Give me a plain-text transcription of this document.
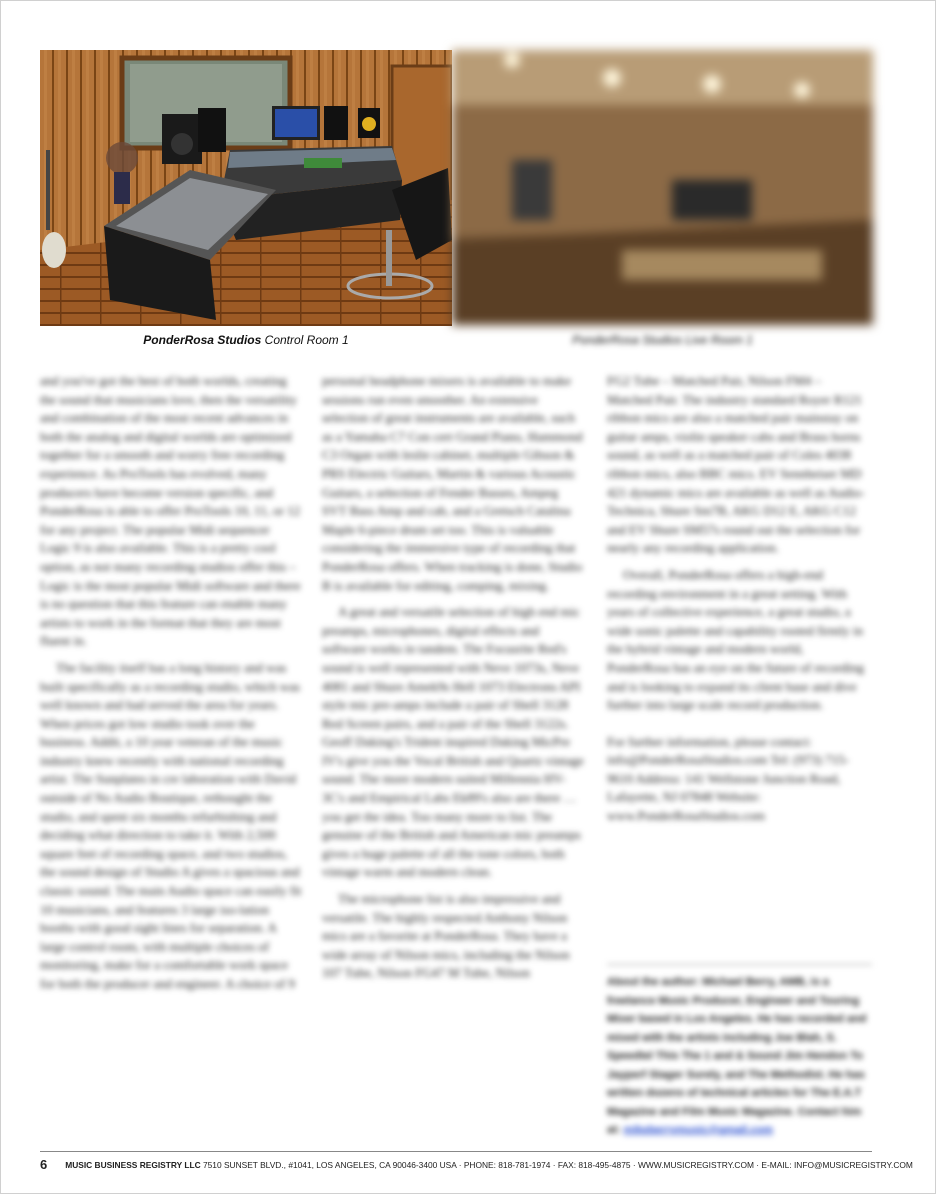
PonderRosa Studios Control Room 1	PonderRosa Studios Live Room 1

and you've got the best of both worlds, creating the sound that musicians love, then the versatility and combination of the most recent advances in both the analog and digital worlds are optimized together for a smooth and worry free recording experience. As ProTools has evolved, many producers have become version specific, and PonderRosa is able to offer ProTools 10, 11, or 12 for any project. The popular Midi sequencer Logic 9 is also available. This is a pretty cool option, as not many recording studios offer this – Logic is the most popular Midi software and there is no question that this feature can enable many artists to work in the format that they are most fluent in.

The facility itself has a long history and was built specifically as a recording studio, which was well known and had served the area for years. When prices got low studio took over the business. Addit, a 10 year veteran of the music industry knew recently with national recording artist. The Sunplates in cre laboration with David outside of No Audio Boutique, rethought the studio, and spent six months refurbishing and deciding what direction to take it. With 2,500 square feet of recording space, and two studios, the sound design of Studio A gives a spacious and classic sound. The main Audio space can easily fit 10 musicians, and features 3 large iso-lation booths with good sight lines for separation. A large control room, with multiple choices of monitoring, make for a comfortable work space for both the producer and engineer. A choice of 9

personal headphone mixers is available to make sessions run even smoother. An extensive selection of great instruments are available, such as a Yamaha C7 Con cert Grand Piano, Hammond C3 Organ with leslie cabinet, multiple Gibson & PRS Electric Guitars, Martin & various Acoustic Guitars, a selection of Fender Basses, Ampeg SVT Bass Amp and cab, and a Gretsch Catalina Maple 6-piece drum set too. This is valuable considering the immersive type of recording that PonderRosa offers. When tracking is done, Studio B is available for editing, comping, mixing.

A great and versatile selection of high end mic preamps, microphones, digital effects and software works in tandem. The Focusrite Red's sound is well represented with Neve 1073s, Neve 4081 and Shure Amek9s Hell 1073 Electrons API style mic pre-amps include a pair of Shell 3128 Red Screen pairs, and a pair of the Shell 3122s. Geoff Daking's Trident inspired Daking MicPre IV's give you the Vocal British and Quartz vintage sound. The more modern suited Millennia HV-3C's and Empirical Labs Ek89's also are there … you get the idea. Too many more to list. The genuine of the British and American mic preamps gives a huge palette of all the tone colors, both vintage warm and modern clean.

The microphone list is also impressive and versatile. The highly respected Anthony Nilson mics are a favorite at PonderRosa. They have a wide array of Nilson mics, including the Nilson 107 Tube, Nilson FG47 M Tube, Nilson

FG2 Tube – Matched Pair, Nilson FM4 – Matched Pair. The industry standard Royer R121 ribbon mics are also a matched pair mainstay on guitar amps, violin speaker cabs and Brass horns sound, as well as a matched pair of Coles 4038 ribbon mics, also BBC mics. EV Sennheiser MD 421 dynamic mics are available as well as Audio-Technica, Shure Sm7B, AKG D12 E, AKG C12 and EV Shure SM57s round out the selection for nearly any recording application.

Overall, PonderRosa offers a high-end recording environment in a great setting. With years of collective experience, a great studio, a wide sonic palette and capability rooted firmly in the hybrid vintage and modern world, PonderRosa has an eye on the future of recording and is looking to expand its client base and dive further into large scale record production.

For further information, please contact: info@PonderRosaStudios.com Tel: (973) 715-9610 Address: 141 Wellstone Junction Road, Lafayette, NJ 07848 Website: www.PonderRosaStudios.com

About the author: Michael Berry, AMB, is a freelance Music Producer, Engineer and Touring Mixer based in Los Angeles. He has recorded and mixed with the artists including Joe Blah, S. Speedtel This The 1 and & Sound Jim Hendon To Jayperf Stager Surely, and The Methodist. He has written dozens of technical articles for The E.A.T Magazine and Film Music Magazine. Contact him at: mikeberrymusic@gmail.com
6 MUSIC BUSINESS REGISTRY LLC 7510 SUNSET BLVD., #1041, LOS ANGELES, CA 90046-3400 USA · PHONE: 818-781-1974 · FAX: 818-495-4875 · WWW.MUSICREGISTRY.COM · E-MAIL: INFO@MUSICREGISTRY.COM
